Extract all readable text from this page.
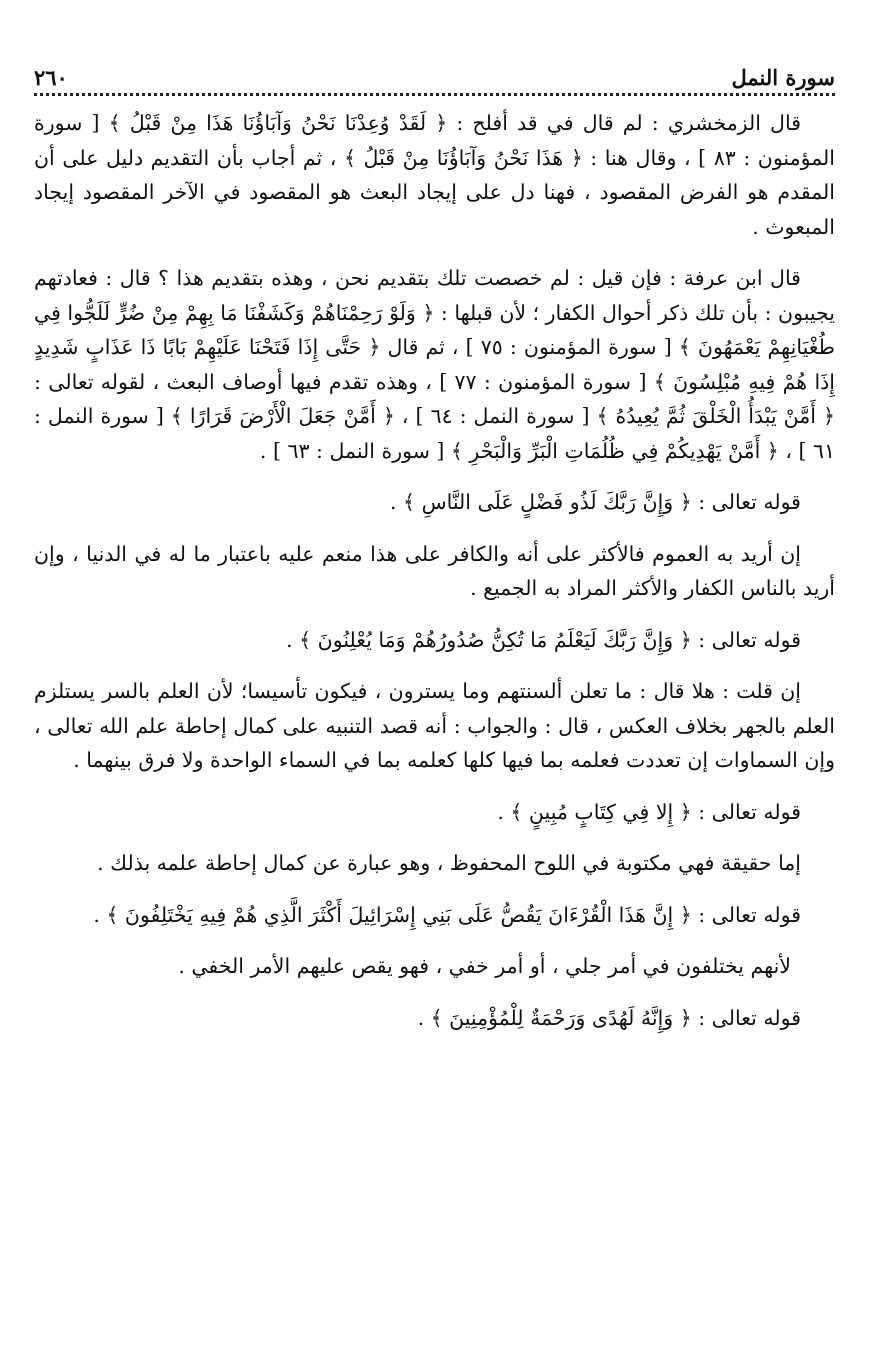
سورة النمل
٢٦٠

قال الزمخشري : لم قال في قد أفلح : ﴿ لَقَدْ وُعِدْنَا نَحْنُ وَآبَاؤُنَا هَذَا مِنْ قَبْلُ ﴾ [ سورة المؤمنون : ٨٣ ] ، وقال هنا : ﴿ هَذَا نَحْنُ وَآبَاؤُنَا مِنْ قَبْلُ ﴾ ، ثم أجاب بأن التقديم دليل على أن المقدم هو الفرض المقصود ، فهنا دل على إيجاد البعث هو المقصود في الآخر المقصود إيجاد المبعوث .

قال ابن عرفة : فإن قيل : لم خصصت تلك بتقديم نحن ، وهذه بتقديم هذا ؟ قال : فعادتهم يجيبون : بأن تلك ذكر أحوال الكفار ؛ لأن قبلها : ﴿ وَلَوْ رَحِمْنَاهُمْ وَكَشَفْنَا مَا بِهِمْ مِنْ ضُرٍّ لَلَجُّوا فِي طُغْيَانِهِمْ يَعْمَهُونَ ﴾ [ سورة المؤمنون : ٧٥ ] ، ثم قال ﴿ حَتَّى إِذَا فَتَحْنَا عَلَيْهِمْ بَابًا ذَا عَذَابٍ شَدِيدٍ إِذَا هُمْ فِيهِ مُبْلِسُونَ ﴾ [ سورة المؤمنون : ٧٧ ] ، وهذه تقدم فيها أوصاف البعث ، لقوله تعالى : ﴿ أَمَّنْ يَبْدَأُ الْخَلْقَ ثُمَّ يُعِيدُهُ ﴾ [ سورة النمل : ٦٤ ] ، ﴿ أَمَّنْ جَعَلَ الْأَرْضَ قَرَارًا ﴾ [ سورة النمل : ٦١ ] ، ﴿ أَمَّنْ يَهْدِيكُمْ فِي ظُلُمَاتِ الْبَرِّ وَالْبَحْرِ ﴾ [ سورة النمل : ٦٣ ] .

قوله تعالى : ﴿ وَإِنَّ رَبَّكَ لَذُو فَضْلٍ عَلَى النَّاسِ ﴾ .

إن أريد به العموم فالأكثر على أنه والكافر على هذا منعم عليه باعتبار ما له في الدنيا ، وإن أريد بالناس الكفار والأكثر المراد به الجميع .

قوله تعالى : ﴿ وَإِنَّ رَبَّكَ لَيَعْلَمُ مَا تُكِنُّ صُدُورُهُمْ وَمَا يُعْلِنُونَ ﴾ .

إن قلت : هلا قال : ما تعلن ألسنتهم وما يسترون ، فيكون تأسيسا؛ لأن العلم بالسر يستلزم العلم بالجهر بخلاف العكس ، قال : والجواب : أنه قصد التنبيه على كمال إحاطة علم الله تعالى ، وإن السماوات إن تعددت فعلمه بما فيها كلها كعلمه بما في السماء الواحدة ولا فرق بينهما .

قوله تعالى : ﴿ إِلا فِي كِتَابٍ مُبِينٍ ﴾ .

إما حقيقة فهي مكتوبة في اللوح المحفوظ ، وهو عبارة عن كمال إحاطة علمه بذلك .

قوله تعالى : ﴿ إِنَّ هَذَا الْقُرْءَانَ يَقُصُّ عَلَى بَنِي إِسْرَائِيلَ أَكْثَرَ الَّذِي هُمْ فِيهِ يَخْتَلِفُونَ ﴾ .

لأنهم يختلفون في أمر جلي ، أو أمر خفي ، فهو يقص عليهم الأمر الخفي .

قوله تعالى : ﴿ وَإِنَّهُ لَهُدًى وَرَحْمَةٌ لِلْمُؤْمِنِينَ ﴾ .
